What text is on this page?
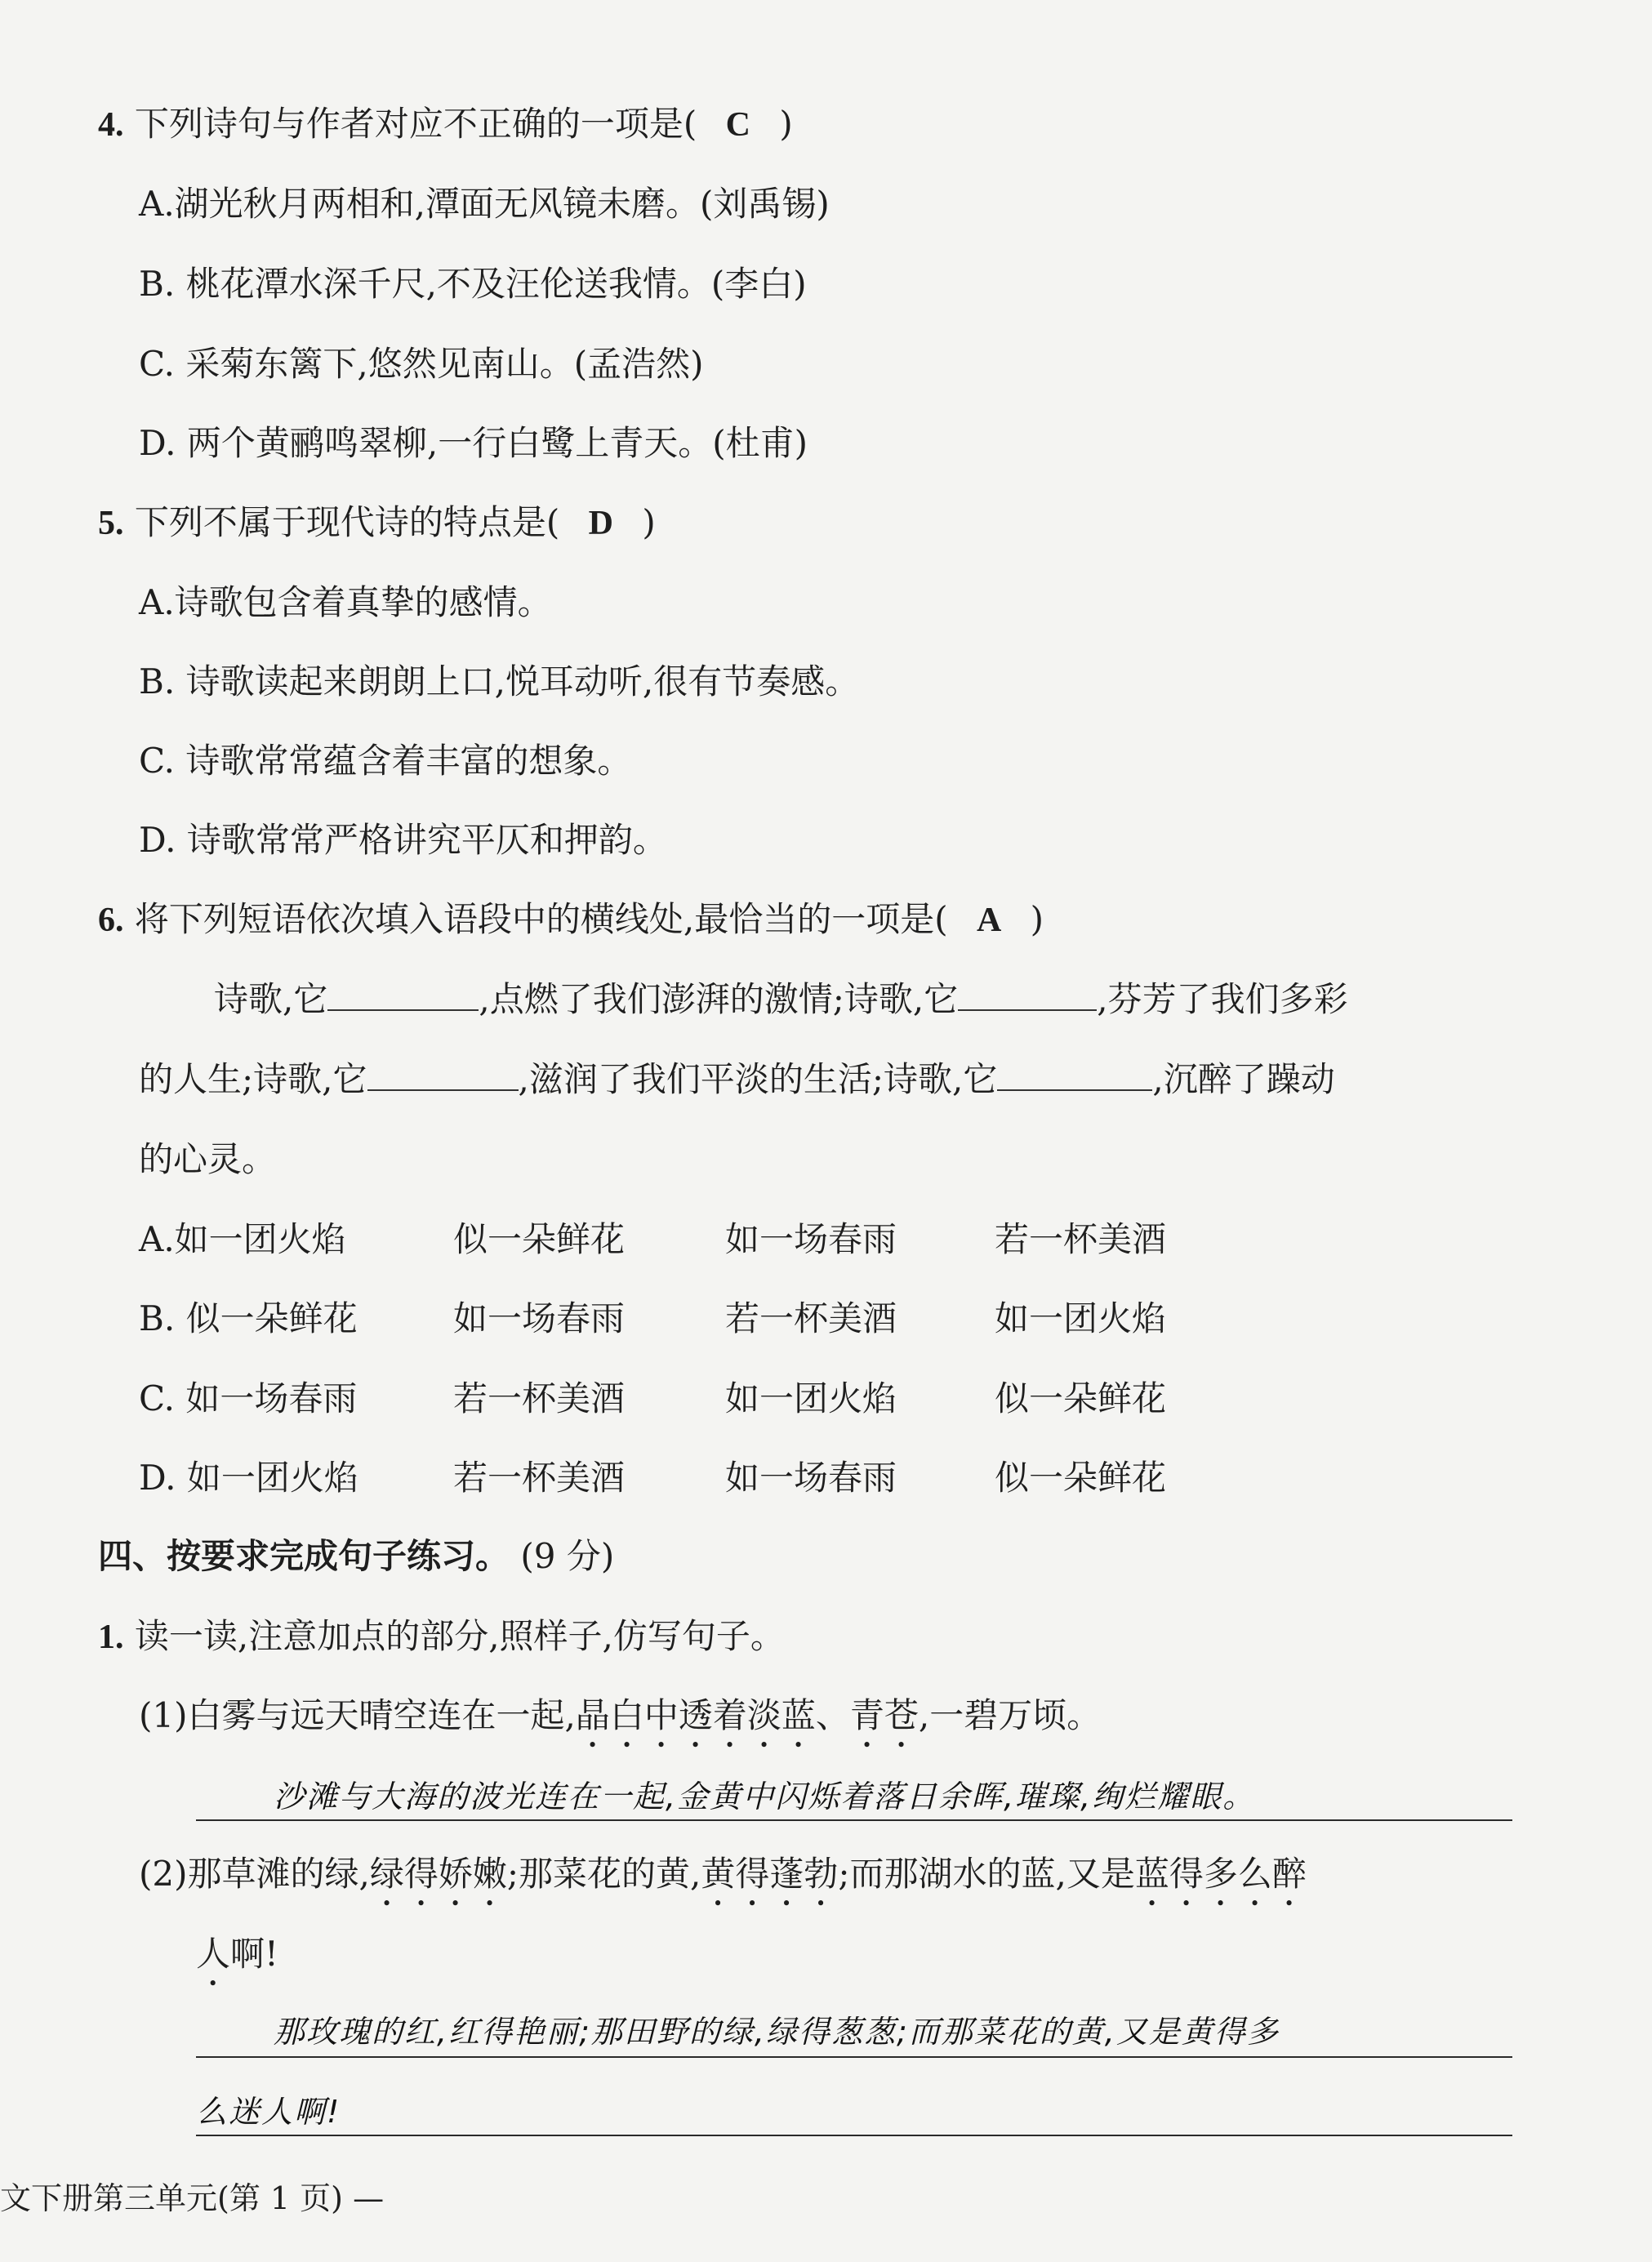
4. 下列诗句与作者对应不正确的一项是( C )
A.湖光秋月两相和,潭面无风镜未磨。(刘禹锡)
B. 桃花潭水深千尺,不及汪伦送我情。(李白)
C. 采菊东篱下,悠然见南山。(孟浩然)
D. 两个黄鹂鸣翠柳,一行白鹭上青天。(杜甫)
5. 下列不属于现代诗的特点是( D )
A.诗歌包含着真挚的感情。
B. 诗歌读起来朗朗上口,悦耳动听,很有节奏感。
C. 诗歌常常蕴含着丰富的想象。
D. 诗歌常常严格讲究平仄和押韵。
6. 将下列短语依次填入语段中的横线处,最恰当的一项是( A )
诗歌,它	,点燃了我们澎湃的激情;诗歌,它	,芬芳了我们多彩
的人生;诗歌,它	,滋润了我们平淡的生活;诗歌,它	,沉醉了躁动
的心灵。
A.如一团火焰	似一朵鲜花	如一场春雨	若一杯美酒
B. 似一朵鲜花	如一场春雨	若一杯美酒	如一团火焰
C. 如一场春雨	若一杯美酒	如一团火焰	似一朵鲜花
D. 如一团火焰	若一杯美酒	如一场春雨	似一朵鲜花
四、按要求完成句子练习。 (9 分)
1. 读一读,注意加点的部分,照样子,仿写句子。
(1)白雾与远天晴空连在一起,晶白中透着淡蓝、青苍,一碧万顷。
沙滩与大海的波光连在一起,金黄中闪烁着落日余晖,璀璨,绚烂耀眼。
(2)那草滩的绿,绿得娇嫩;那菜花的黄,黄得蓬勃;而那湖水的蓝,又是蓝得多么醉
人啊!
那玫瑰的红,红得艳丽;那田野的绿,绿得葱葱;而那菜花的黄,又是黄得多
么迷人啊!
文下册第三单元(第 1 页) —
